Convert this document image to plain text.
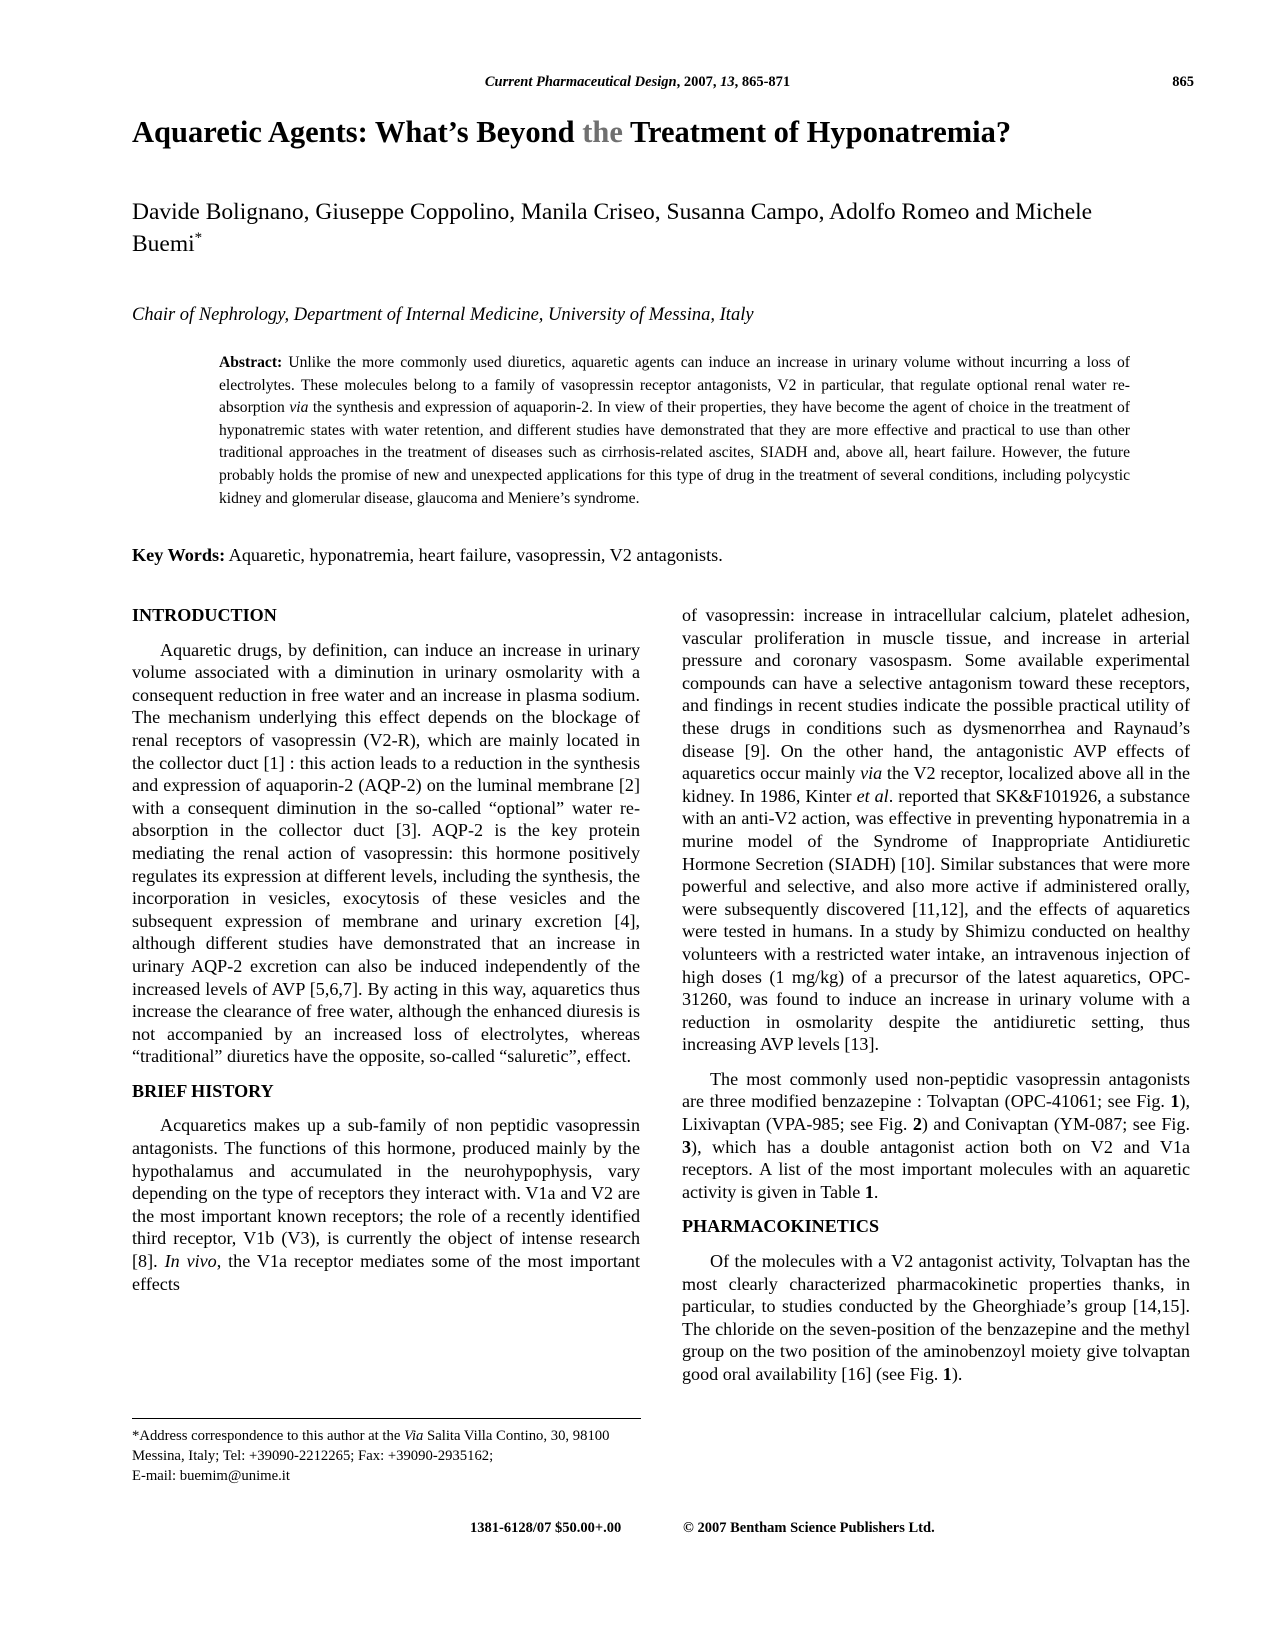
Current Pharmaceutical Design, 2007, 13, 865-871	865
Aquaretic Agents: What’s Beyond the Treatment of Hyponatremia?
Davide Bolignano, Giuseppe Coppolino, Manila Criseo, Susanna Campo, Adolfo Romeo and Michele Buemi*
Chair of Nephrology, Department of Internal Medicine, University of Messina, Italy
Abstract: Unlike the more commonly used diuretics, aquaretic agents can induce an increase in urinary volume without incurring a loss of electrolytes. These molecules belong to a family of vasopressin receptor antagonists, V2 in particular, that regulate optional renal water re-absorption via the synthesis and expression of aquaporin-2. In view of their properties, they have become the agent of choice in the treatment of hyponatremic states with water retention, and different studies have demonstrated that they are more effective and practical to use than other traditional approaches in the treatment of diseases such as cirrhosis-related ascites, SIADH and, above all, heart failure. However, the future probably holds the promise of new and unexpected applications for this type of drug in the treatment of several conditions, including polycystic kidney and glomerular disease, glaucoma and Meniere’s syndrome.
Key Words: Aquaretic, hyponatremia, heart failure, vasopressin, V2 antagonists.
INTRODUCTION

Aquaretic drugs, by definition, can induce an increase in urinary volume associated with a diminution in urinary osmolarity with a consequent reduction in free water and an increase in plasma sodium. The mechanism underlying this effect depends on the blockage of renal receptors of vasopressin (V2-R), which are mainly located in the collector duct [1] : this action leads to a reduction in the synthesis and expression of aquaporin-2 (AQP-2) on the luminal membrane [2] with a consequent diminution in the so-called “optional” water re-absorption in the collector duct [3]. AQP-2 is the key protein mediating the renal action of vasopressin: this hormone positively regulates its expression at different levels, including the synthesis, the incorporation in vesicles, exocytosis of these vesicles and the subsequent expression of membrane and urinary excretion [4], although different studies have demonstrated that an increase in urinary AQP-2 excretion can also be induced independently of the increased levels of AVP [5,6,7]. By acting in this way, aquaretics thus increase the clearance of free water, although the enhanced diuresis is not accompanied by an increased loss of electrolytes, whereas “traditional” diuretics have the opposite, so-called “saluretic”, effect.

BRIEF HISTORY

Acquaretics makes up a sub-family of non peptidic vasopressin antagonists. The functions of this hormone, produced mainly by the hypothalamus and accumulated in the neurohypophysis, vary depending on the type of receptors they interact with. V1a and V2 are the most important known receptors; the role of a recently identified third receptor, V1b (V3), is currently the object of intense research [8]. In vivo, the V1a receptor mediates some of the most important effects

of vasopressin: increase in intracellular calcium, platelet adhesion, vascular proliferation in muscle tissue, and increase in arterial pressure and coronary vasospasm. Some available experimental compounds can have a selective antagonism toward these receptors, and findings in recent studies indicate the possible practical utility of these drugs in conditions such as dysmenorrhea and Raynaud’s disease [9]. On the other hand, the antagonistic AVP effects of aquaretics occur mainly via the V2 receptor, localized above all in the kidney. In 1986, Kinter et al. reported that SK&F101926, a substance with an anti-V2 action, was effective in preventing hyponatremia in a murine model of the Syndrome of Inappropriate Antidiuretic Hormone Secretion (SIADH) [10]. Similar substances that were more powerful and selective, and also more active if administered orally, were subsequently discovered [11,12], and the effects of aquaretics were tested in humans. In a study by Shimizu conducted on healthy volunteers with a restricted water intake, an intravenous injection of high doses (1 mg/kg) of a precursor of the latest aquaretics, OPC-31260, was found to induce an increase in urinary volume with a reduction in osmolarity despite the antidiuretic setting, thus increasing AVP levels [13].

The most commonly used non-peptidic vasopressin antagonists are three modified benzazepine : Tolvaptan (OPC-41061; see Fig. 1), Lixivaptan (VPA-985; see Fig. 2) and Conivaptan (YM-087; see Fig. 3), which has a double antagonist action both on V2 and V1a receptors. A list of the most important molecules with an aquaretic activity is given in Table 1.

PHARMACOKINETICS

Of the molecules with a V2 antagonist activity, Tolvaptan has the most clearly characterized pharmacokinetic properties thanks, in particular, to studies conducted by the Gheorghiade’s group [14,15]. The chloride on the seven-position of the benzazepine and the methyl group on the two position of the aminobenzoyl moiety give tolvaptan good oral availability [16] (see Fig. 1).

*Address correspondence to this author at the Via Salita Villa Contino, 30, 98100 Messina, Italy; Tel: +39090-2212265; Fax: +39090-2935162;
E-mail: buemim@unime.it
1381-6128/07 $50.00+.00	© 2007 Bentham Science Publishers Ltd.
